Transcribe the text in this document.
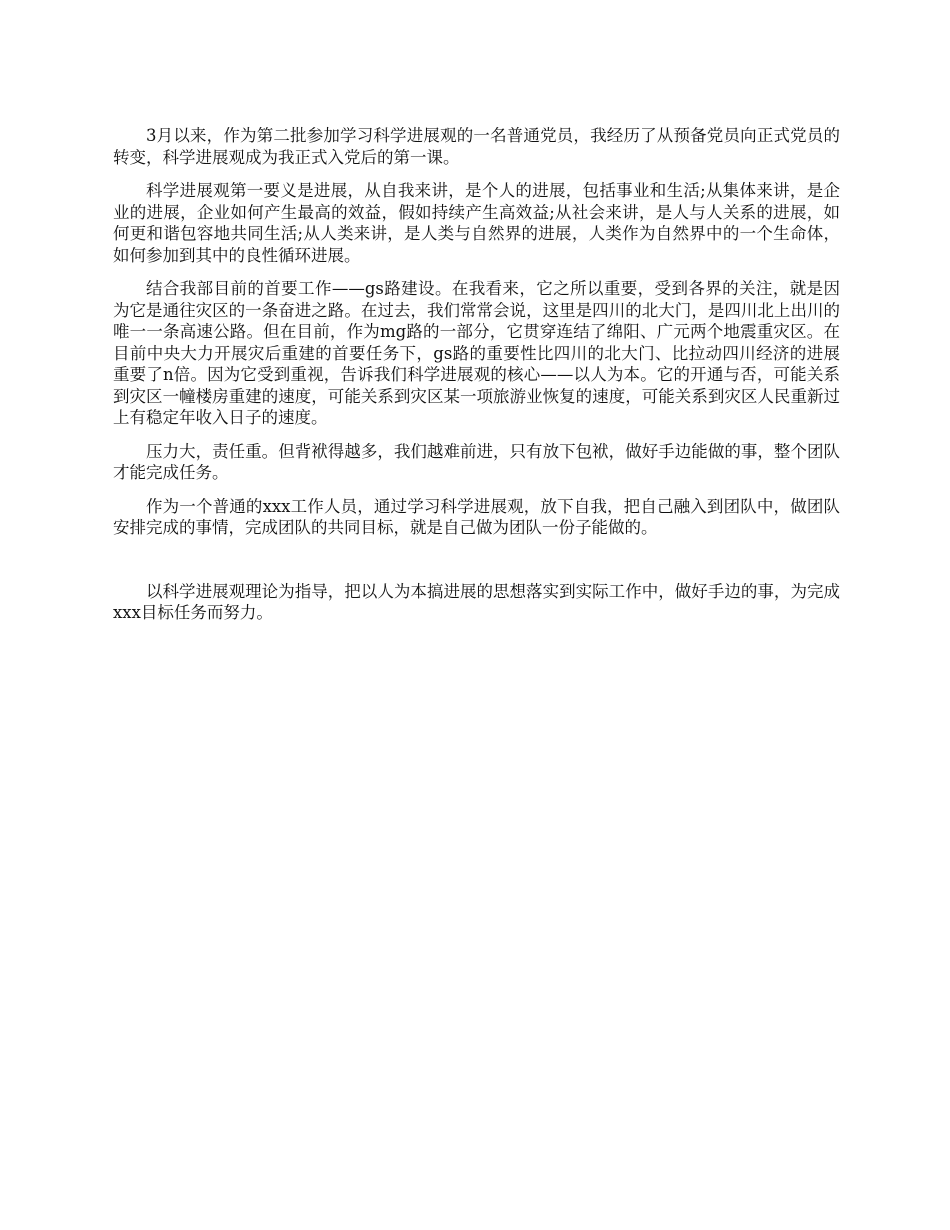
3月以来，作为第二批参加学习科学进展观的一名普通党员，我经历了从预备党员向正式党员的转变，科学进展观成为我正式入党后的第一课。

科学进展观第一要义是进展，从自我来讲，是个人的进展，包括事业和生活;从集体来讲，是企业的进展，企业如何产生最高的效益，假如持续产生高效益;从社会来讲，是人与人关系的进展，如何更和谐包容地共同生活;从人类来讲，是人类与自然界的进展，人类作为自然界中的一个生命体，如何参加到其中的良性循环进展。

结合我部目前的首要工作——gs路建设。在我看来，它之所以重要，受到各界的关注，就是因为它是通往灾区的一条奋进之路。在过去，我们常常会说，这里是四川的北大门，是四川北上出川的唯一一条高速公路。但在目前，作为mg路的一部分，它贯穿连结了绵阳、广元两个地震重灾区。在目前中央大力开展灾后重建的首要任务下，gs路的重要性比四川的北大门、比拉动四川经济的进展重要了n倍。因为它受到重视，告诉我们科学进展观的核心——以人为本。它的开通与否，可能关系到灾区一幢楼房重建的速度，可能关系到灾区某一项旅游业恢复的速度，可能关系到灾区人民重新过上有稳定年收入日子的速度。

压力大，责任重。但背袱得越多，我们越难前进，只有放下包袱，做好手边能做的事，整个团队才能完成任务。

作为一个普通的xxx工作人员，通过学习科学进展观，放下自我，把自己融入到团队中，做团队安排完成的事情，完成团队的共同目标，就是自己做为团队一份子能做的。

以科学进展观理论为指导，把以人为本搞进展的思想落实到实际工作中，做好手边的事，为完成xxx目标任务而努力。
